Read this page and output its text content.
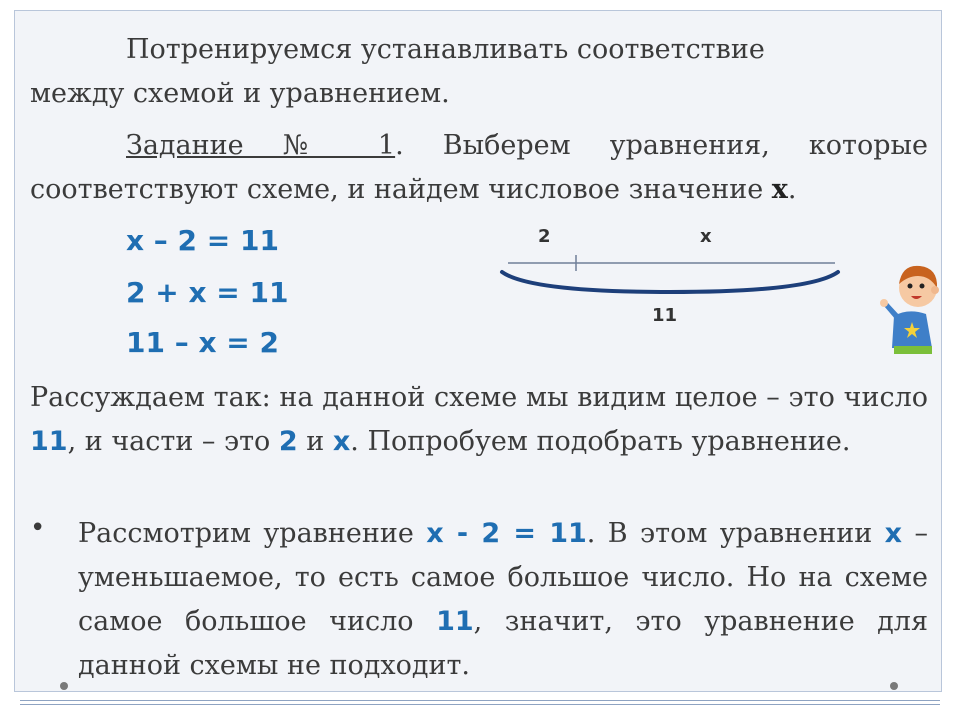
Потренируемся устанавливать соответствие
между схемой и уравнением.
Задание № 1. Выберем уравнения, которые соответствуют схеме, и найдем числовое значение х.
х – 2 = 11
2 + х = 11
11 – х = 2
2	х
11
Рассуждаем так: на данной схеме мы видим целое – это число 11, и части – это 2 и х. Попробуем подобрать уравнение.
• Рассмотрим уравнение х - 2 = 11. В этом уравнении х – уменьшаемое, то есть самое большое число. Но на схеме самое большое число 11, значит, это уравнение для данной схемы не подходит.
